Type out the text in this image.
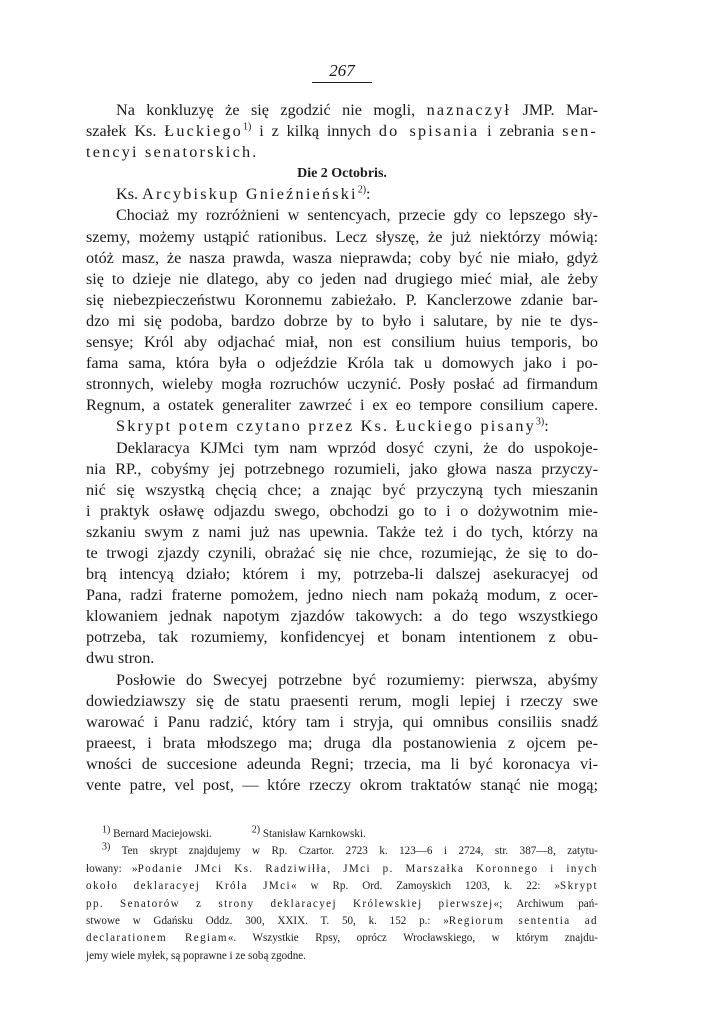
267
Na konkluzyę że się zgodzić nie mogli, naznaczył JMP. Mar-
szałek Ks. Łuckiego$^{1)}$ i z kilką innych do spisania i zebrania sen-
tencyi senatorskich.
Die 2 Octobris.
Ks. Arcybiskup Gnieźnieński$^{2)}$:
Chociaż my rozróżnieni w sentencyach, przecie gdy co lepszego sły-
szemy, możemy ustąpić rationibus. Lecz słyszę, że już niektórzy mówią:
otóż masz, że nasza prawda, wasza nieprawda; coby być nie miało, gdyż
się to dzieje nie dlatego, aby co jeden nad drugiego mieć miał, ale żeby
się niebezpieczeństwu Koronnemu zabieżało. P. Kanclerzowe zdanie bar-
dzo mi się podoba, bardzo dobrze by to było i salutare, by nie te dys-
sensye; Król aby odjachać miał, non est consilium huius temporis, bo
fama sama, która była o odjeździe Króla tak u domowych jako i po-
stronnych, wieleby mogła rozruchów uczynić. Posły posłać ad firmandum
Regnum, a ostatek generaliter zawrzeć i ex eo tempore consilium capere.
Skrypt potem czytano przez Ks. Łuckiego pisany$^{3)}$:
Deklaracya KJMci tym nam wprzód dosyć czyni, że do uspokoje-
nia RP., cobyśmy jej potrzebnego rozumieli, jako głowa nasza przyczy-
nić się wszystką chęcią chce; a znając być przyczyną tych mieszanin
i praktyk osławę odjazdu swego, obchodzi go to i o dożywotnim mie-
szkaniu swym z nami już nas upewnia. Także też i do tych, którzy na
te trwogi zjazdy czynili, obrażać się nie chce, rozumiejąc, że się to do-
brą intencyą działo; którem i my, potrzeba-li dalszej asekuracyej od
Pana, radzi fraterne pomożem, jedno niech nam pokażą modum, z ocer-
klowaniem jednak napotym zjazdów takowych: a do tego wszystkiego
potrzeba, tak rozumiemy, konfidencyej et bonam intentionem z obu-
dwu stron.
Posłowie do Swecyej potrzebne być rozumiemy: pierwsza, abyśmy
dowiedziawszy się de statu praesenti rerum, mogli lepiej i rzeczy swe
warować i Panu radzić, który tam i stryja, qui omnibus consiliis snadź
praeest, i brata młodszego ma; druga dla postanowienia z ojcem pe-
wności de succesione adeunda Regni; trzecia, ma li być koronacya vi-
vente patre, vel post, — które rzeczy okrom traktatów stanąć nie mogą;
$^{1)}$ Bernard Maciejowski.	$^{2)}$ Stanisław Karnkowski.
$^{3)}$ Ten skrypt znajdujemy w Rp. Czartor. 2723 k. 123—6 i 2724, str. 387—8, zatytu-
łowany: »Podanie JMci Ks. Radziwiłła, JMci p. Marszałka Koronnego i inych
około deklaracyej Króla JMci« w Rp. Ord. Zamoyskich 1203, k. 22: »Skrypt
pp. Senatorów z strony deklaracyej Królewskiej pierwszej«; Archiwum pań-
stwowe w Gdańsku Oddz. 300, XXIX. T. 50, k. 152 p.: »Regiorum sententia ad
declarationem Regiam«. Wszystkie Rpsy, oprócz Wrocławskiego, w którym znajdu-
jemy wiele myłek, są poprawne i ze sobą zgodne.
